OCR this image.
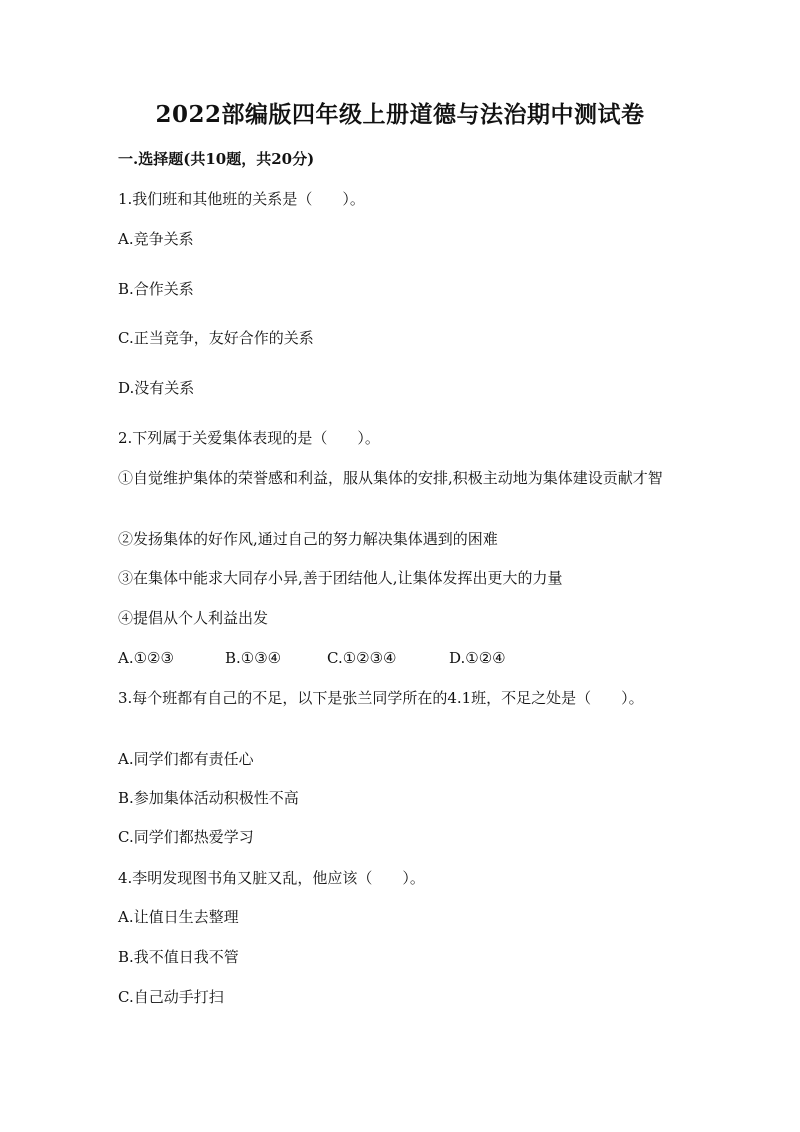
2022部编版四年级上册道德与法治期中测试卷
一.选择题(共10题，共20分)
1.我们班和其他班的关系是（　　）。
A.竞争关系
B.合作关系
C.正当竞争，友好合作的关系
D.没有关系
2.下列属于关爱集体表现的是（　　）。
①自觉维护集体的荣誉感和利益，服从集体的安排,积极主动地为集体建设贡献才智
②发扬集体的好作风,通过自己的努力解决集体遇到的困难
③在集体中能求大同存小异,善于团结他人,让集体发挥出更大的力量
④提倡从个人利益出发
A.①②③	B.①③④	C.①②③④	D.①②④
3.每个班都有自己的不足，以下是张兰同学所在的4.1班，不足之处是（　　）。
A.同学们都有责任心
B.参加集体活动积极性不高
C.同学们都热爱学习
4.李明发现图书角又脏又乱，他应该（　　）。
A.让值日生去整理
B.我不值日我不管
C.自己动手打扫
